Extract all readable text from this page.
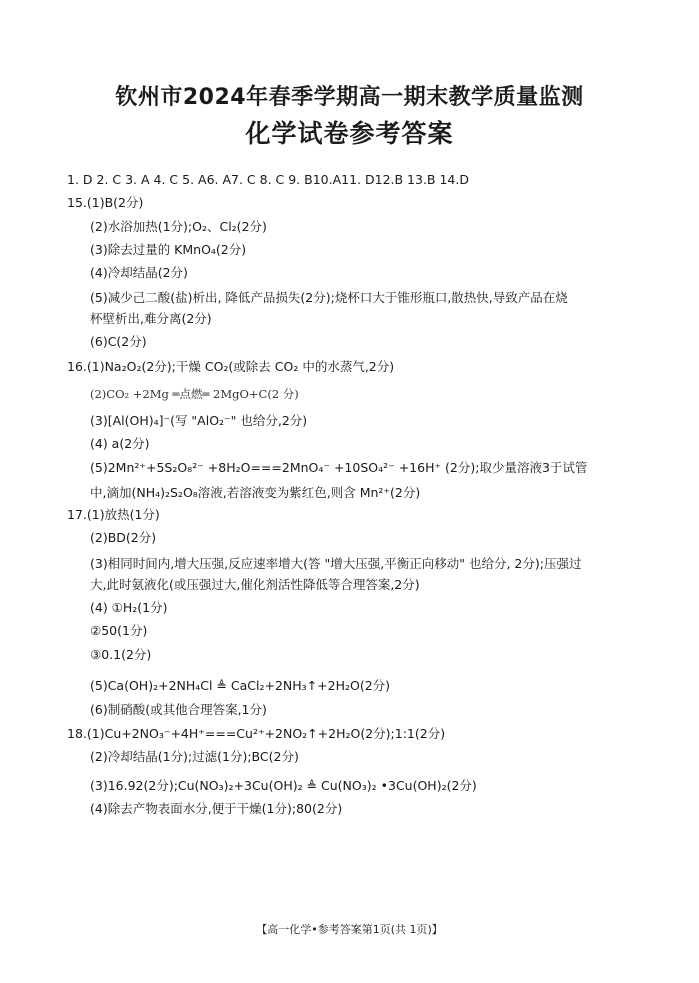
钦州市2024年春季学期高一期末教学质量监测
化学试卷参考答案
1. D 2. C 3. A 4. C 5. A6. A7. C 8. C 9. B10.A11. D12.B 13.B 14.D
15.(1)B(2分)
(2)水浴加热(1分);O₂、Cl₂(2分)
(3)除去过量的 KMnO₄(2分)
(4)冷却结晶(2分)
(5)减少己二酸(盐)析出, 降低产品损失(2分);烧杯口大于锥形瓶口,散热快,导致产品在烧
杯壁析出,难分离(2分)
(6)C(2分)
16.(1)Na₂O₂(2分);干燥 CO₂(或除去 CO₂ 中的水蒸气,2分)
(2)CO₂ +2Mg ═点燃═ 2MgO+C(2 分)
(3)[Al(OH)₄]⁻(写 "AlO₂⁻" 也给分,2分)
(4) a(2分)
(5)2Mn²⁺+5S₂O₈²⁻ +8H₂O===2MnO₄⁻ +10SO₄²⁻ +16H⁺ (2分);取少量溶液3于试管
中,滴加(NH₄)₂S₂O₈溶液,若溶液变为紫红色,则含 Mn²⁺(2分)
17.(1)放热(1分)
(2)BD(2分)
(3)相同时间内,增大压强,反应速率增大(答 "增大压强,平衡正向移动" 也给分, 2分);压强过
大,此时氨液化(或压强过大,催化剂活性降低等合理答案,2分)
(4) ①H₂(1分)
②50(1分)
③0.1(2分)
(5)Ca(OH)₂+2NH₄Cl ≜ CaCl₂+2NH₃↑+2H₂O(2分)
(6)制硝酸(或其他合理答案,1分)
18.(1)Cu+2NO₃⁻+4H⁺===Cu²⁺+2NO₂↑+2H₂O(2分);1:1(2分)
(2)冷却结晶(1分);过滤(1分);BC(2分)
(3)16.92(2分);Cu(NO₃)₂+3Cu(OH)₂ ≜ Cu(NO₃)₂ •3Cu(OH)₂(2分)
(4)除去产物表面水分,便于干燥(1分);80(2分)
【高一化学•参考答案第1页(共 1页)】
